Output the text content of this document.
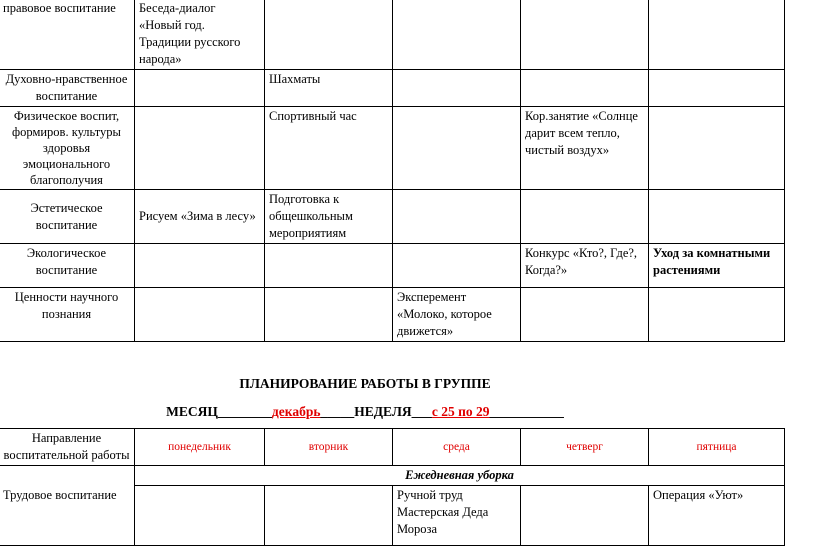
правовое воспитание	Беседа-диалог «Новый год. Традиции русского народа»				
Духовно-нравственное воспитание		Шахматы			
Физическое воспит, формиров. культуры здоровья эмоционального благополучия		Спортивный час		Кор.занятие «Солнце дарит всем тепло, чистый воздух»	
Эстетическое воспитание	Рисуем «Зима в лесу»	Подготовка к общешкольным мероприятиям			
Экологическое воспитание				Конкурс «Кто?, Где?, Когда?»	Уход за комнатными растениями
Ценности научного познания			Эксперемент «Молоко, которое движется»		
ПЛАНИРОВАНИЕ РАБОТЫ В ГРУППЕ
МЕСЯЦ________декабрь_____НЕДЕЛЯ___с 25 по 29___________
Направление воспитательной работы	понедельник	вторник	среда	четверг	пятница
	Ежедневная уборка				
Трудовое воспитание			Ручной труд Мастерская Деда Мороза		Операция «Уют»
